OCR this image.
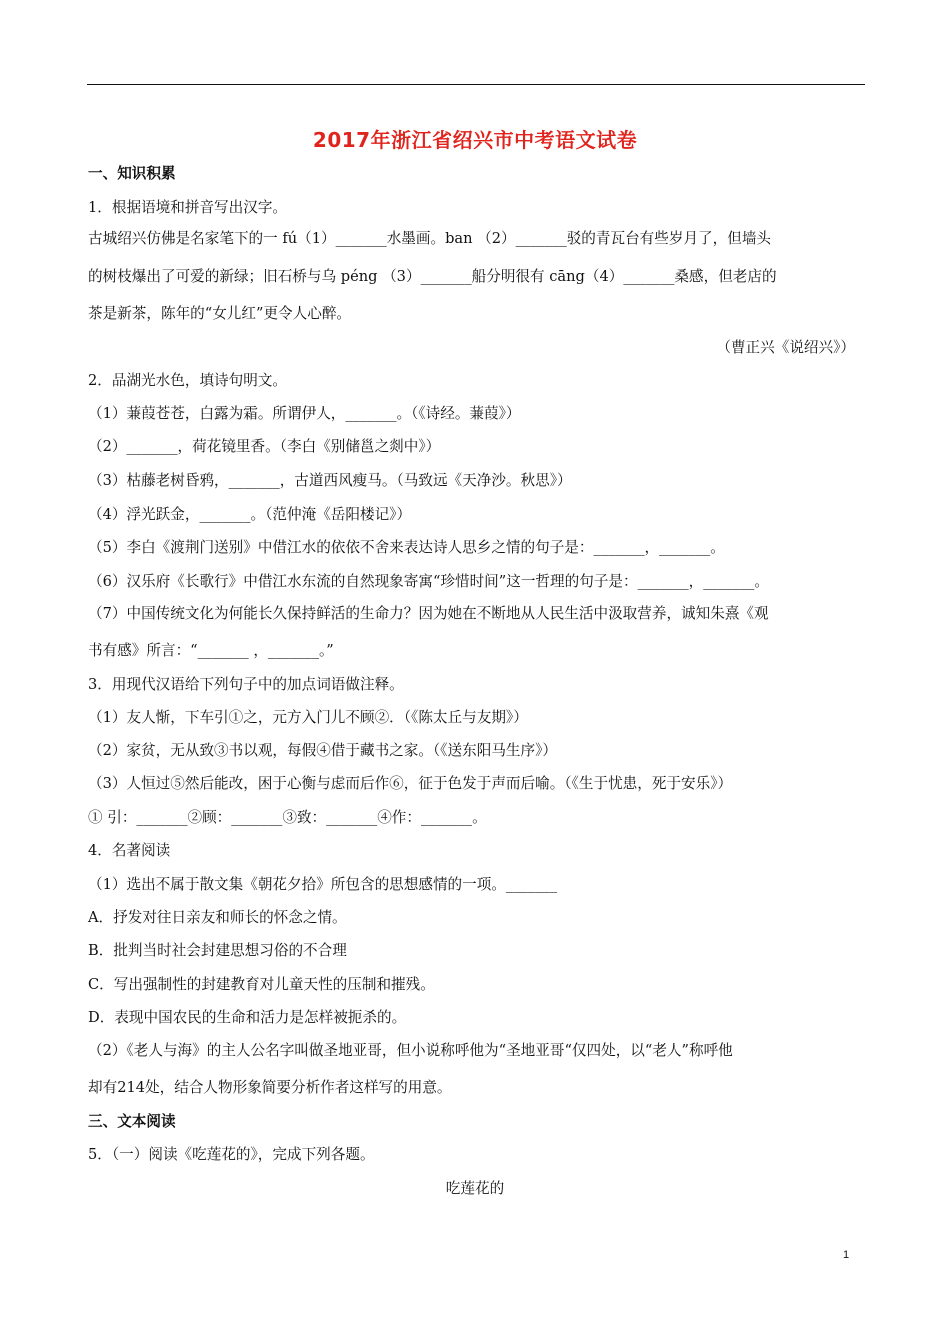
2017年浙江省绍兴市中考语文试卷
一、知识积累
1．根据语境和拼音写出汉字。
古城绍兴仿佛是名家笔下的一 fú（1）_______水墨画。ban （2）_______驳的青瓦台有些岁月了，但墙头
的树枝爆出了可爱的新绿；旧石桥与乌 péng （3）_______船分明很有 cāng（4）_______桑感，但老店的
茶是新茶，陈年的“女儿红”更令人心醉。
（曹正兴《说绍兴》）
2．品湖光水色，填诗句明文。
（1）蒹葭苍苍，白露为霜。所谓伊人，_______。（《诗经。蒹葭》）
（2）_______，荷花镜里香。（李白《别储邕之剡中》）
（3）枯藤老树昏鸦，_______，古道西风瘦马。（马致远《天净沙。秋思》）
（4）浮光跃金，_______。（范仲淹《岳阳楼记》）
（5）李白《渡荆门送别》中借江水的依依不舍来表达诗人思乡之情的句子是：_______，_______。
（6）汉乐府《长歌行》中借江水东流的自然现象寄寓“珍惜时间”这一哲理的句子是：_______，_______。
（7）中国传统文化为何能长久保持鲜活的生命力？因为她在不断地从人民生活中汲取营养，诚知朱熹《观
书有感》所言：“_______ ，_______。”
3．用现代汉语给下列句子中的加点词语做注释。
（1）友人惭，下车引①之，元方入门儿不顾②．（《陈太丘与友期》）
（2）家贫，无从致③书以观，每假④借于藏书之家。（《送东阳马生序》）
（3）人恒过⑤然后能改，困于心衡与虑而后作⑥，征于色发于声而后喻。（《生于忧患，死于安乐》）
① 引：_______②顾：_______③致：_______④作：_______。
4．名著阅读
（1）选出不属于散文集《朝花夕拾》所包含的思想感情的一项。_______
A．抒发对往日亲友和师长的怀念之情。
B．批判当时社会封建思想习俗的不合理
C．写出强制性的封建教育对儿童天性的压制和摧残。
D．表现中国农民的生命和活力是怎样被扼杀的。
（2）《老人与海》的主人公名字叫做圣地亚哥，但小说称呼他为“圣地亚哥“仅四处，以“老人”称呼他
却有214处，结合人物形象简要分析作者这样写的用意。
三、文本阅读
5．（一）阅读《吃莲花的》，完成下列各题。
吃莲花的
1
